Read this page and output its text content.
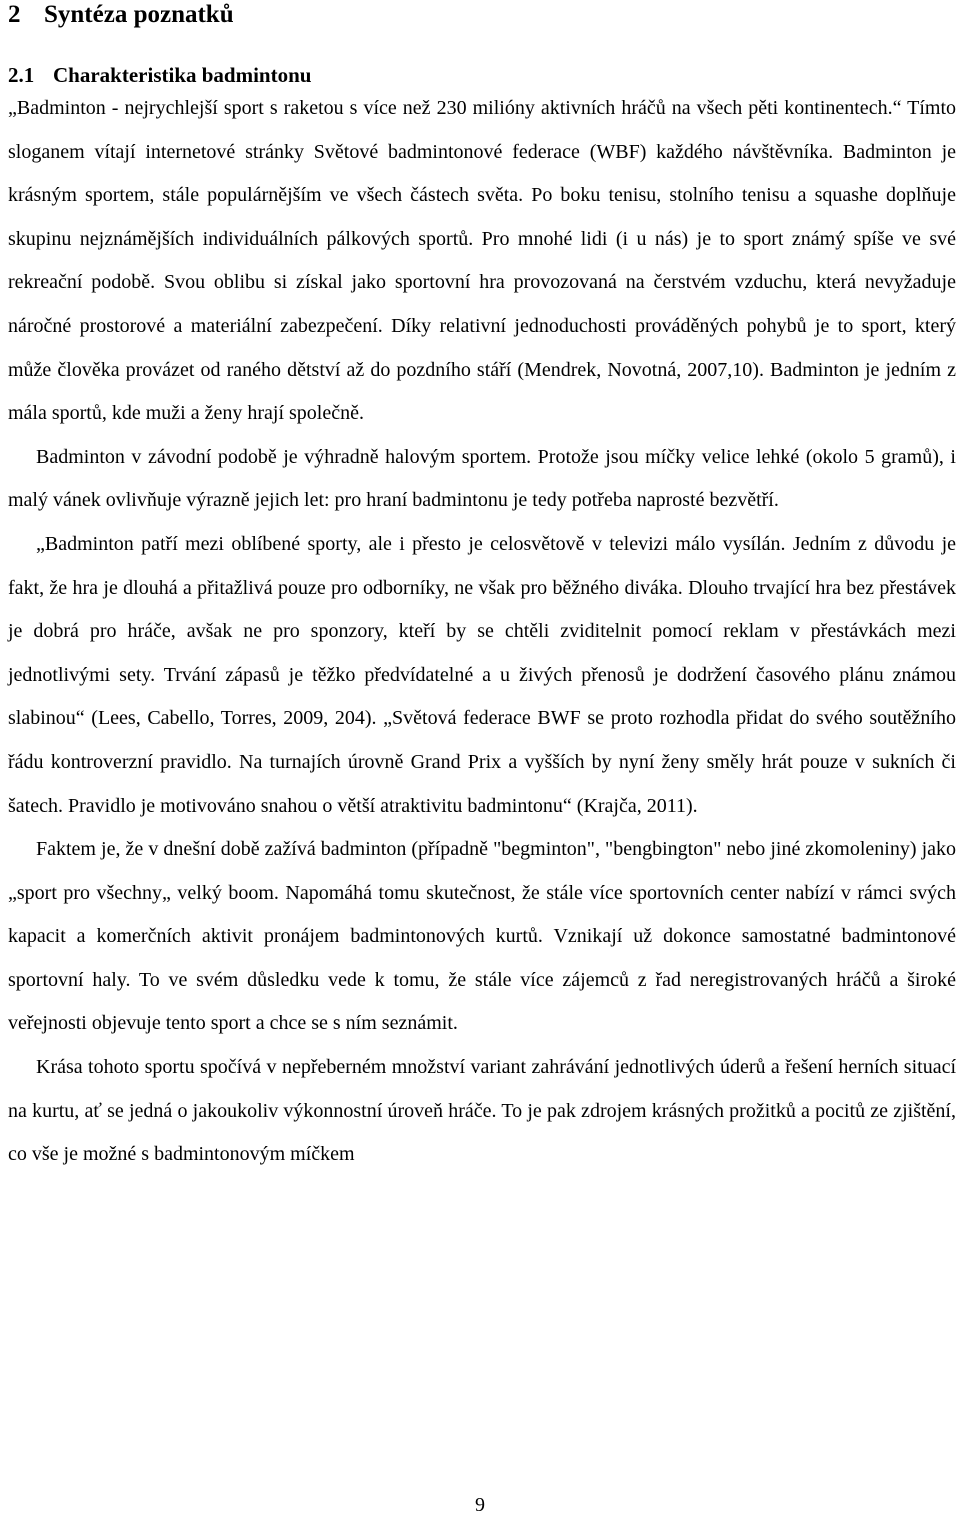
2 Syntéza poznatků
2.1 Charakteristika badmintonu

„Badminton - nejrychlejší sport s raketou s více než 230 milióny aktivních hráčů na všech pěti kontinentech.“ Tímto sloganem vítají internetové stránky Světové badmintonové federace (WBF) každého návštěvníka. Badminton je krásným sportem, stále populárnějším ve všech částech světa. Po boku tenisu, stolního tenisu a squashe doplňuje skupinu nejznámějších individuálních pálkových sportů. Pro mnohé lidi (i u nás) je to sport známý spíše ve své rekreační podobě. Svou oblibu si získal jako sportovní hra provozovaná na čerstvém vzduchu, která nevyžaduje náročné prostorové a materiální zabezpečení. Díky relativní jednoduchosti prováděných pohybů je to sport, který může člověka provázet od raného dětství až do pozdního stáří (Mendrek, Novotná, 2007,10). Badminton je jedním z mála sportů, kde muži a ženy hrají společně.

Badminton v závodní podobě je výhradně halovým sportem. Protože jsou míčky velice lehké (okolo 5 gramů), i malý vánek ovlivňuje výrazně jejich let: pro hraní badmintonu je tedy potřeba naprosté bezvětří.

„Badminton patří mezi oblíbené sporty, ale i přesto je celosvětově v televizi málo vysílán. Jedním z důvodu je fakt, že hra je dlouhá a přitažlivá pouze pro odborníky, ne však pro běžného diváka. Dlouho trvající hra bez přestávek je dobrá pro hráče, avšak ne pro sponzory, kteří by se chtěli zviditelnit pomocí reklam v přestávkách mezi jednotlivými sety. Trvání zápasů je těžko předvídatelné a u živých přenosů je dodržení časového plánu známou slabinou“ (Lees, Cabello, Torres, 2009, 204). „Světová federace BWF se proto rozhodla přidat do svého soutěžního řádu kontroverzní pravidlo. Na turnajích úrovně Grand Prix a vyšších by nyní ženy směly hrát pouze v sukních či šatech. Pravidlo je motivováno snahou o větší atraktivitu badmintonu“ (Krajča, 2011).

Faktem je, že v dnešní době zažívá badminton (případně "begminton", "bengbington" nebo jiné zkomoleniny) jako „sport pro všechny„ velký boom. Napomáhá tomu skutečnost, že stále více sportovních center nabízí v rámci svých kapacit a komerčních aktivit pronájem badmintonových kurtů. Vznikají už dokonce samostatné badmintonové sportovní haly. To ve svém důsledku vede k tomu, že stále více zájemců z řad neregistrovaných hráčů a široké veřejnosti objevuje tento sport a chce se s ním seznámit.

Krása tohoto sportu spočívá v nepřeberném množství variant zahrávání jednotlivých úderů a řešení herních situací na kurtu, ať se jedná o jakoukoliv výkonnostní úroveň hráče. To je pak zdrojem krásných prožitků a pocitů ze zjištění, co vše je možné s badmintonovým míčkem

9
